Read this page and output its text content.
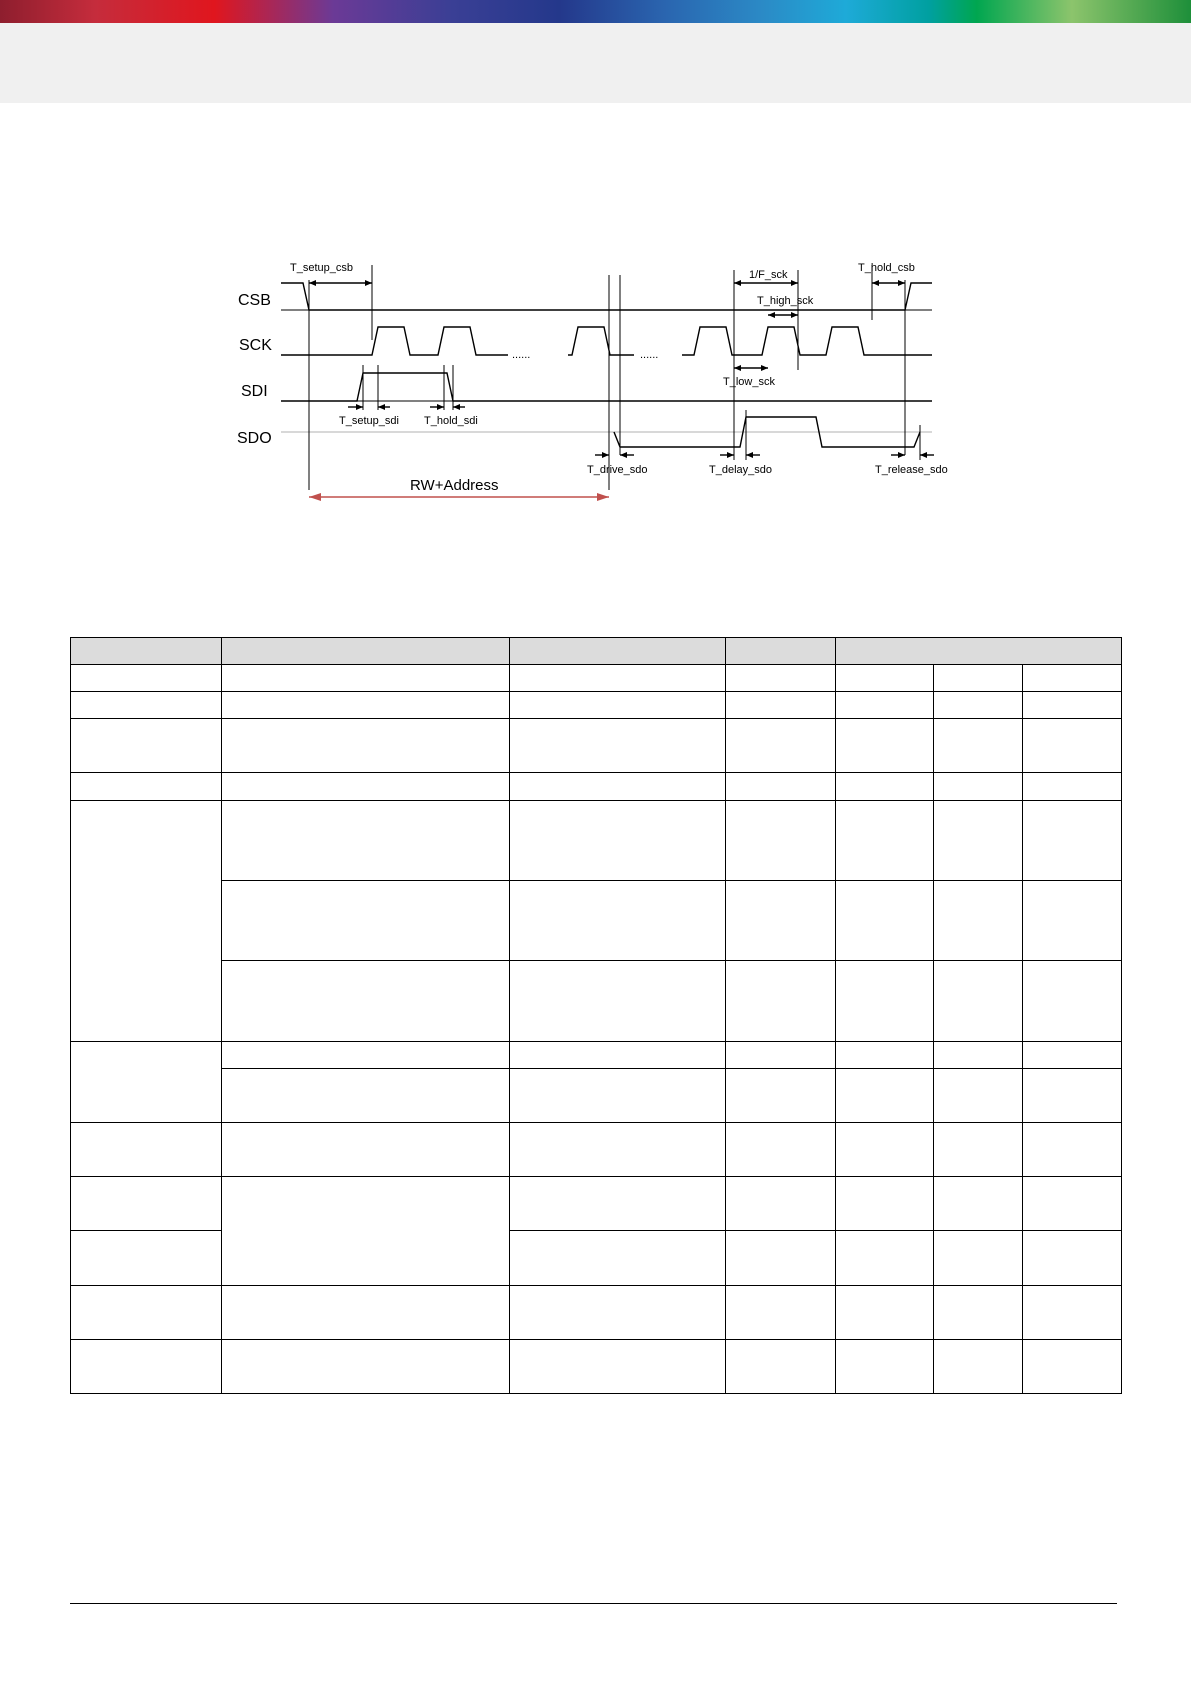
CSB
SCK
SDI
SDO
......	......
T_setup_csb	T_hold_csb
1/F_sck
T_high_sck
T_low_sck
T_setup_sdi T_hold_sdi
T_drive_sdo	T_delay_sdo	T_release_sdo
RW+Address
